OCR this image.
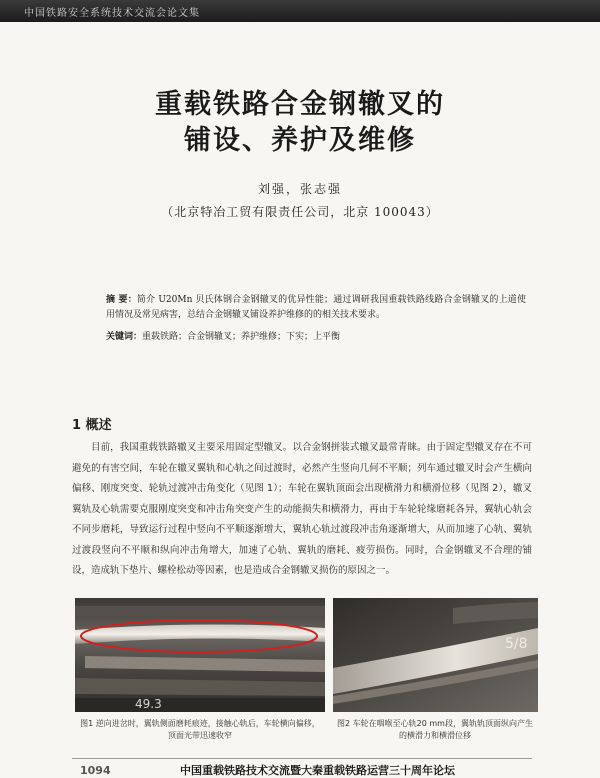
中国铁路安全系统技术交流会论文集
重载铁路合金钢辙叉的
铺设、养护及维修
刘强，张志强
（北京特冶工贸有限责任公司，北京 100043）
摘 要：简介 U20Mn 贝氏体钢合金钢辙叉的优异性能；通过调研我国重载铁路线路合金钢辙叉的上道使用情况及常见病害，总结合金钢辙叉铺设养护维修的的相关技术要求。
关键词：重载铁路；合金钢辙叉；养护维修；下实；上平衡
1 概述
目前，我国重载铁路辙叉主要采用固定型辙叉。以合金钢拼装式辙叉最常青睐。由于固定型辙叉存在不可避免的有害空间，车轮在辙叉翼轨和心轨之间过渡时，必然产生竖向几何不平顺；列车通过辙叉时会产生横向偏移、刚度突变、轮轨过渡冲击角变化（见图 1）；车轮在翼轨顶面会出现横滑力和横滑位移（见图 2），辙叉翼轨及心轨需要克服刚度突变和冲击角突变产生的动能损失和横滑力，再由于车轮轮缘磨耗各异，翼轨心轨会不同步磨耗，导致运行过程中竖向不平顺逐渐增大，翼轨心轨过渡段冲击角逐渐增大，从而加速了心轨、翼轨过渡段竖向不平顺和纵向冲击角增大，加速了心轨、翼轨的磨耗、疲劳损伤。同时，合金钢辙叉不合理的铺设，造成轨下垫片、螺栓松动等因素，也是造成合金钢辙叉损伤的原因之一。
49.3
5/8
图1 逆向进岔时，翼轨侧面磨耗痕迹，接触心轨后，车轮横向偏移，顶面光带迅速收窄
图2 车轮在咽喉至心轨20 mm段，翼轨轨顶面纵向产生的横滑力和横滑位移
1094	中国重载铁路技术交流暨大秦重载铁路运营三十周年论坛
